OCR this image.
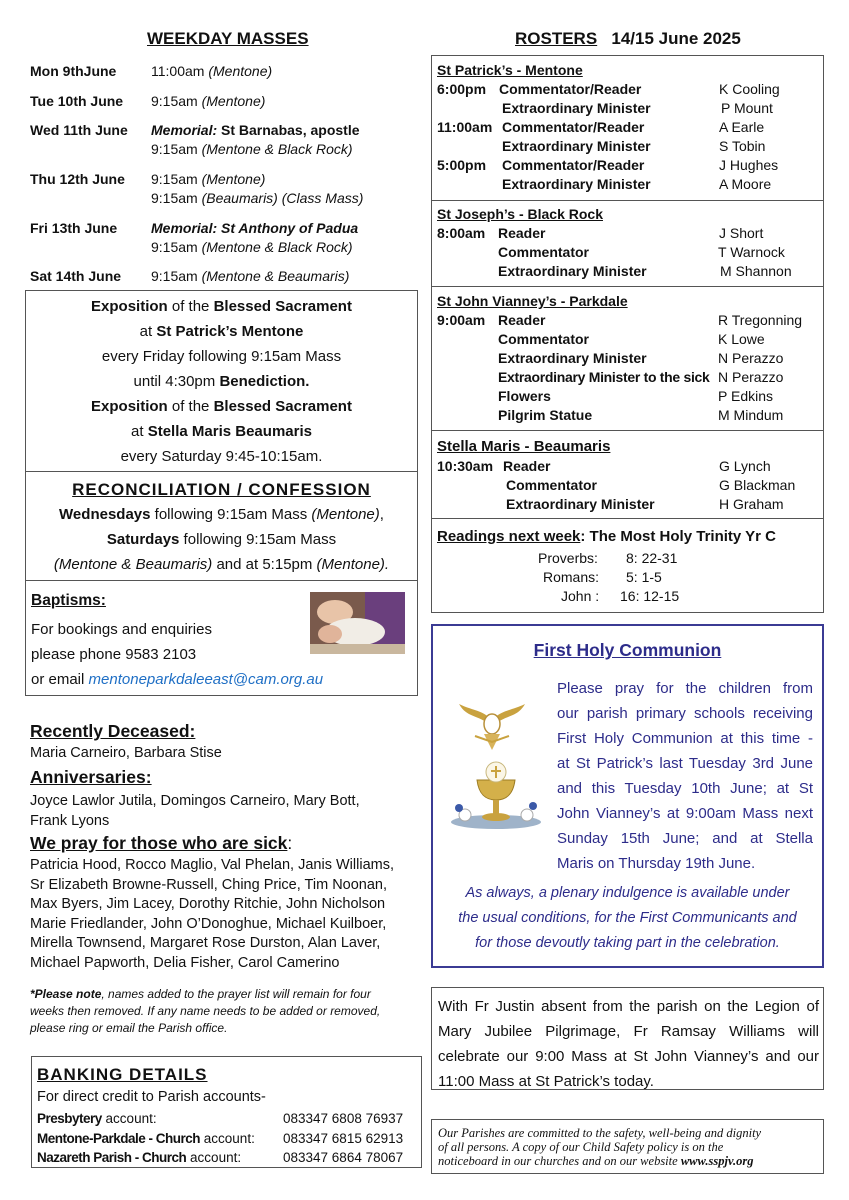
WEEKDAY MASSES
Mon 9thJune 11:00am (Mentone)
Tue 10th June 9:15am (Mentone)
Wed 11th June Memorial: St Barnabas, apostle
9:15am (Mentone & Black Rock)
Thu 12th June 9:15am (Mentone)
9:15am (Beaumaris) (Class Mass)
Fri 13th June Memorial: St Anthony of Padua
9:15am (Mentone & Black Rock)
Sat 14th June 9:15am (Mentone & Beaumaris)
Exposition of the Blessed Sacrament
at St Patrick’s Mentone
every Friday following 9:15am Mass
until 4:30pm Benediction.
Exposition of the Blessed Sacrament
at Stella Maris Beaumaris
every Saturday 9:45-10:15am.
RECONCILIATION / CONFESSION
Wednesdays following 9:15am Mass (Mentone),
Saturdays following 9:15am Mass
(Mentone & Beaumaris) and at 5:15pm (Mentone).
Baptisms:
For bookings and enquiries
please phone 9583 2103
or email mentoneparkdaleeast@cam.org.au
Recently Deceased:
Maria Carneiro, Barbara Stise
Anniversaries:
Joyce Lawlor Jutila, Domingos Carneiro, Mary Bott,
Frank Lyons
We pray for those who are sick:
Patricia Hood, Rocco Maglio, Val Phelan, Janis Williams,
Sr Elizabeth Browne-Russell, Ching Price, Tim Noonan,
Max Byers, Jim Lacey, Dorothy Ritchie, John Nicholson
Marie Friedlander, John O’Donoghue, Michael Kuilboer,
Mirella Townsend, Margaret Rose Durston, Alan Laver,
Michael Papworth, Delia Fisher, Carol Camerino
*Please note, names added to the prayer list will remain for four
weeks then removed. If any name needs to be added or removed,
please ring or email the Parish office.
BANKING DETAILS
For direct credit to Parish accounts-
Presbytery account:	083347 6808 76937
Mentone-Parkdale - Church account: 083347 6815 62913
Nazareth Parish - Church account:	083347 6864 78067
ROSTERS 14/15 June 2025
St Patrick’s - Mentone
6:00pm Commentator/Reader	K Cooling
Extraordinary Minister	P Mount
11:00am Commentator/Reader	A Earle
Extraordinary Minister	S Tobin
5:00pm Commentator/Reader	J Hughes
Extraordinary Minister	A Moore
St Joseph’s - Black Rock
8:00am Reader	J Short
Commentator	T Warnock
Extraordinary Minister	M Shannon
St John Vianney’s - Parkdale
9:00am Reader	R Tregonning
Commentator	K Lowe
Extraordinary Minister	N Perazzo
Extraordinary Minister to the sick N Perazzo
Flowers	P Edkins
Pilgrim Statue	M Mindum
Stella Maris - Beaumaris
10:30am Reader	G Lynch
Commentator	G Blackman
Extraordinary Minister	H Graham
Readings next week: The Most Holy Trinity Yr C
Proverbs: 8: 22-31
Romans: 5: 1-5
John : 16: 12-15
First Holy Communion
Please pray for the children from
our parish primary schools receiving
First Holy Communion at this time -
at St Patrick’s last Tuesday 3rd June
and this Tuesday 10th June; at St
John Vianney’s at 9:00am Mass next
Sunday 15th June; and at Stella
Maris on Thursday 19th June.
As always, a plenary indulgence is available under
the usual conditions, for the First Communicants and
for those devoutly taking part in the celebration.
With Fr Justin absent from the parish on the Legion of
Mary Jubilee Pilgrimage, Fr Ramsay Williams will
celebrate our 9:00 Mass at St John Vianney’s and our
11:00 Mass at St Patrick’s today.
Our Parishes are committed to the safety, well-being and dignity
of all persons. A copy of our Child Safety policy is on the
noticeboard in our churches and on our website www.sspjv.org
